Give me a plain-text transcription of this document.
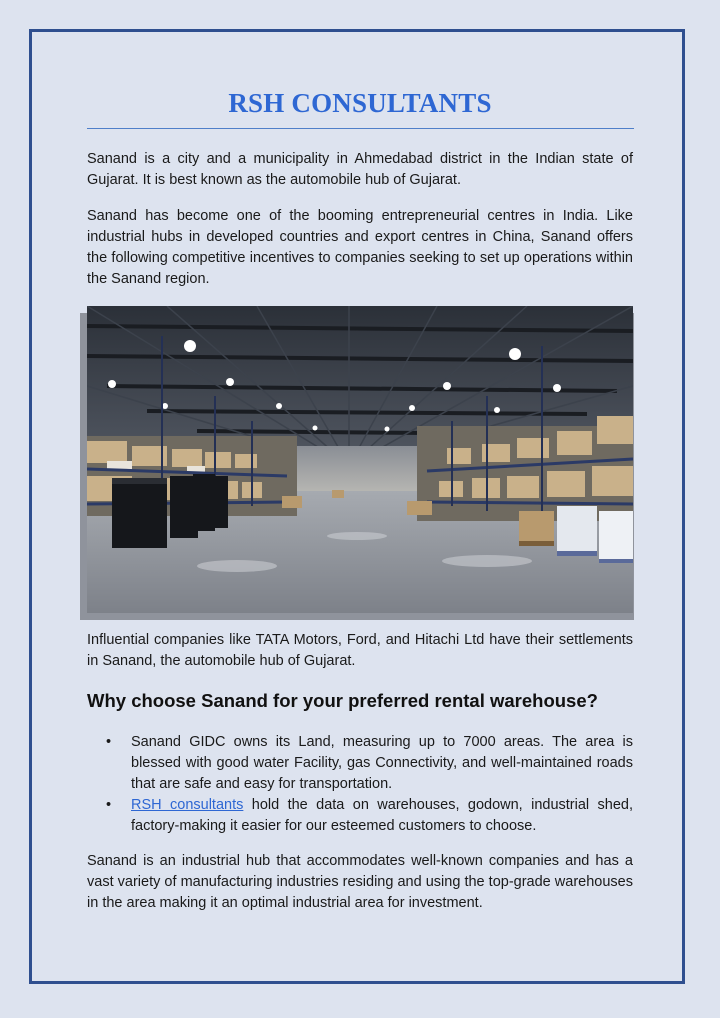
RSH CONSULTANTS

Sanand is a city and a municipality in Ahmedabad district in the Indian state of Gujarat. It is best known as the automobile hub of Gujarat.

Sanand has become one of the booming entrepreneurial centres in India. Like industrial hubs in developed countries and export centres in China, Sanand offers the following competitive incentives to companies seeking to set up operations within the Sanand region.

Influential companies like TATA Motors, Ford, and Hitachi Ltd have their settlements in Sanand, the automobile hub of Gujarat.

Why choose Sanand for your preferred rental warehouse?
• Sanand GIDC owns its Land, measuring up to 7000 areas. The area is blessed with good water Facility, gas Connectivity, and well-maintained roads that are safe and easy for transportation.
• RSH consultants hold the data on warehouses, godown, industrial shed, factory-making it easier for our esteemed customers to choose.

Sanand is an industrial hub that accommodates well-known companies and has a vast variety of manufacturing industries residing and using the top-grade warehouses in the area making it an optimal industrial area for investment.
